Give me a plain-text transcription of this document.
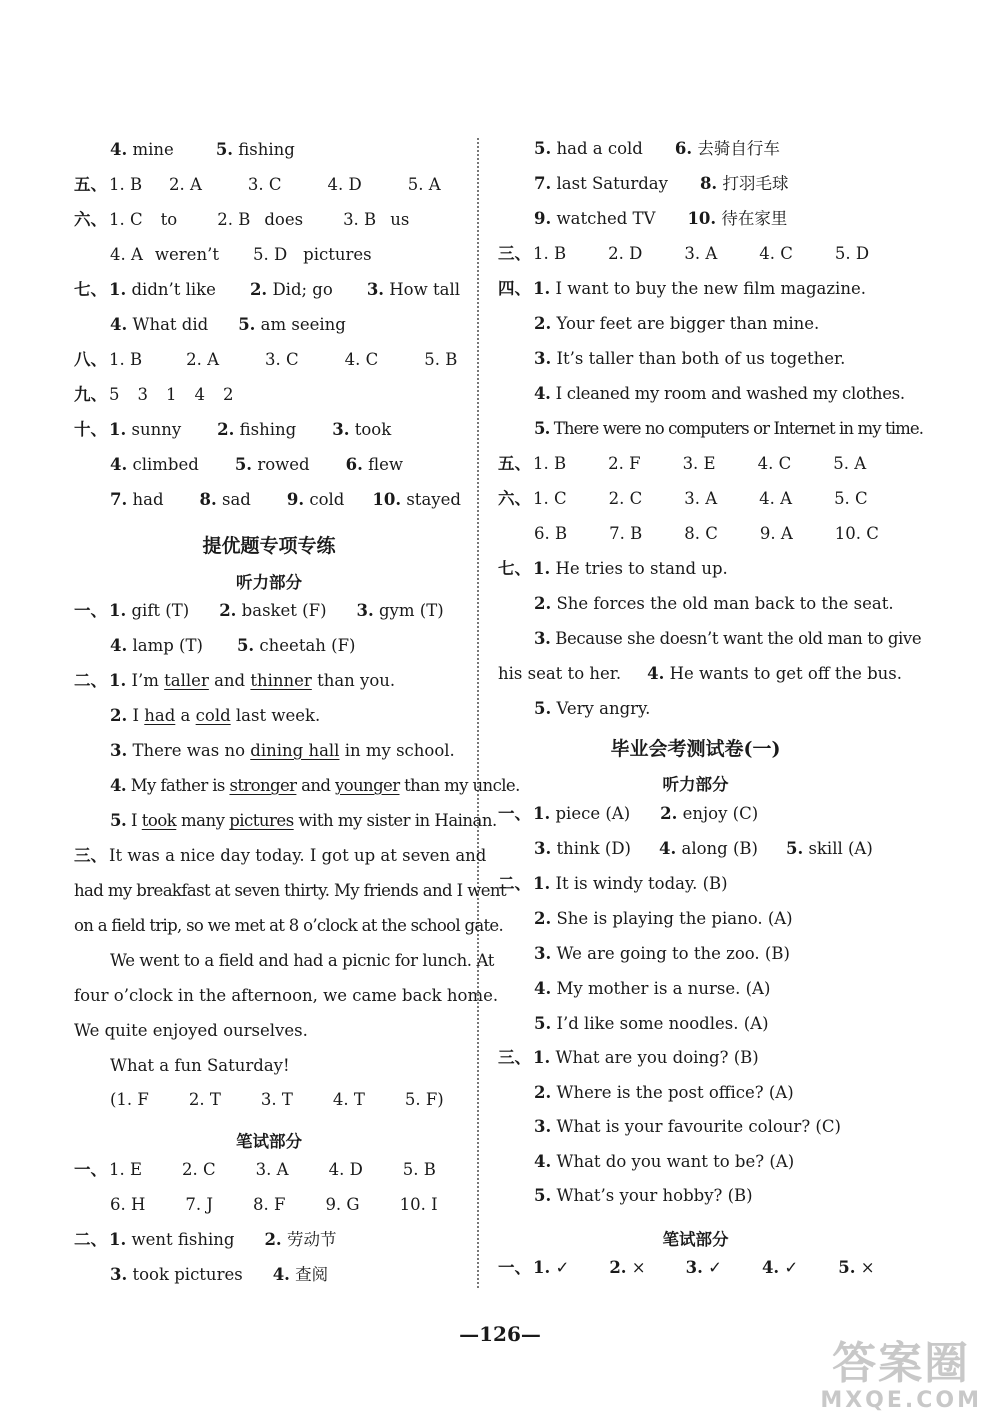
4. mine	5. fishing
五、 1. B 2. A	3. C	4. D	5. A
六、 1. C to 2. B does 3. B us
4. A weren’t 5. D pictures
七、 1. didn’t like 2. Did; go 3. How tall
4. What did 5. am seeing
八、 1. B	2. A	3. C	4. C	5. B
九、 5 3 1 4 2
十、 1. sunny 2. fishing 3. took
4. climbed 5. rowed 6. flew
7. had 8. sad 9. cold 10. stayed
提优题专项专练
听力部分
一、 1. gift (T) 2. basket (F) 3. gym (T)
4. lamp (T) 5. cheetah (F)
二、 1. I’m taller and thinner than you.
2. I had a cold last week.
3. There was no dining hall in my school.
4. My father is stronger and younger than my uncle.
5. I took many pictures with my sister in Hainan.
三、 It was a nice day today. I got up at seven and
had my breakfast at seven thirty. My friends and I went
on a field trip, so we met at 8 o’clock at the school gate.
We went to a field and had a picnic for lunch. At
four o’clock in the afternoon, we came back home.
We quite enjoyed ourselves.
What a fun Saturday!
(1. F 2. T 3. T 4. T 5. F)
笔试部分
一、 1. E 2. C 3. A 4. D 5. B
6. H 7. J 8. F 9. G 10. I
二、 1. went fishing 2. 劳动节
3. took pictures 4. 查阅
5. had a cold 6. 去骑自行车
7. last Saturday 8. 打羽毛球
9. watched TV 10. 待在家里
三、 1. B	2. D	3. A	4. C	5. D
四、 1. I want to buy the new film magazine.
2. Your feet are bigger than mine.
3. It’s taller than both of us together.
4. I cleaned my room and washed my clothes.
5. There were no computers or Internet in my time.
五、 1. B	2. F	3. E	4. C	5. A
六、 1. C	2. C	3. A	4. A	5. C
6. B	7. B	8. C	9. A	10. C
七、 1. He tries to stand up.
2. She forces the old man back to the seat.
3. Because she doesn’t want the old man to give
his seat to her. 4. He wants to get off the bus.
5. Very angry.
毕业会考测试卷(一)
听力部分
一、 1. piece (A) 2. enjoy (C)
3. think (D) 4. along (B) 5. skill (A)
二、 1. It is windy today. (B)
2. She is playing the piano. (A)
3. We are going to the zoo. (B)
4. My mother is a nurse. (A)
5. I’d like some noodles. (A)
三、 1. What are you doing? (B)
2. Where is the post office? (A)
3. What is your favourite colour? (C)
4. What do you want to be? (A)
5. What’s your hobby? (B)
笔试部分
一、 1. ✓ 2. × 3. ✓ 4. ✓ 5. ×
—126—
答案圈
MXQE.COM
